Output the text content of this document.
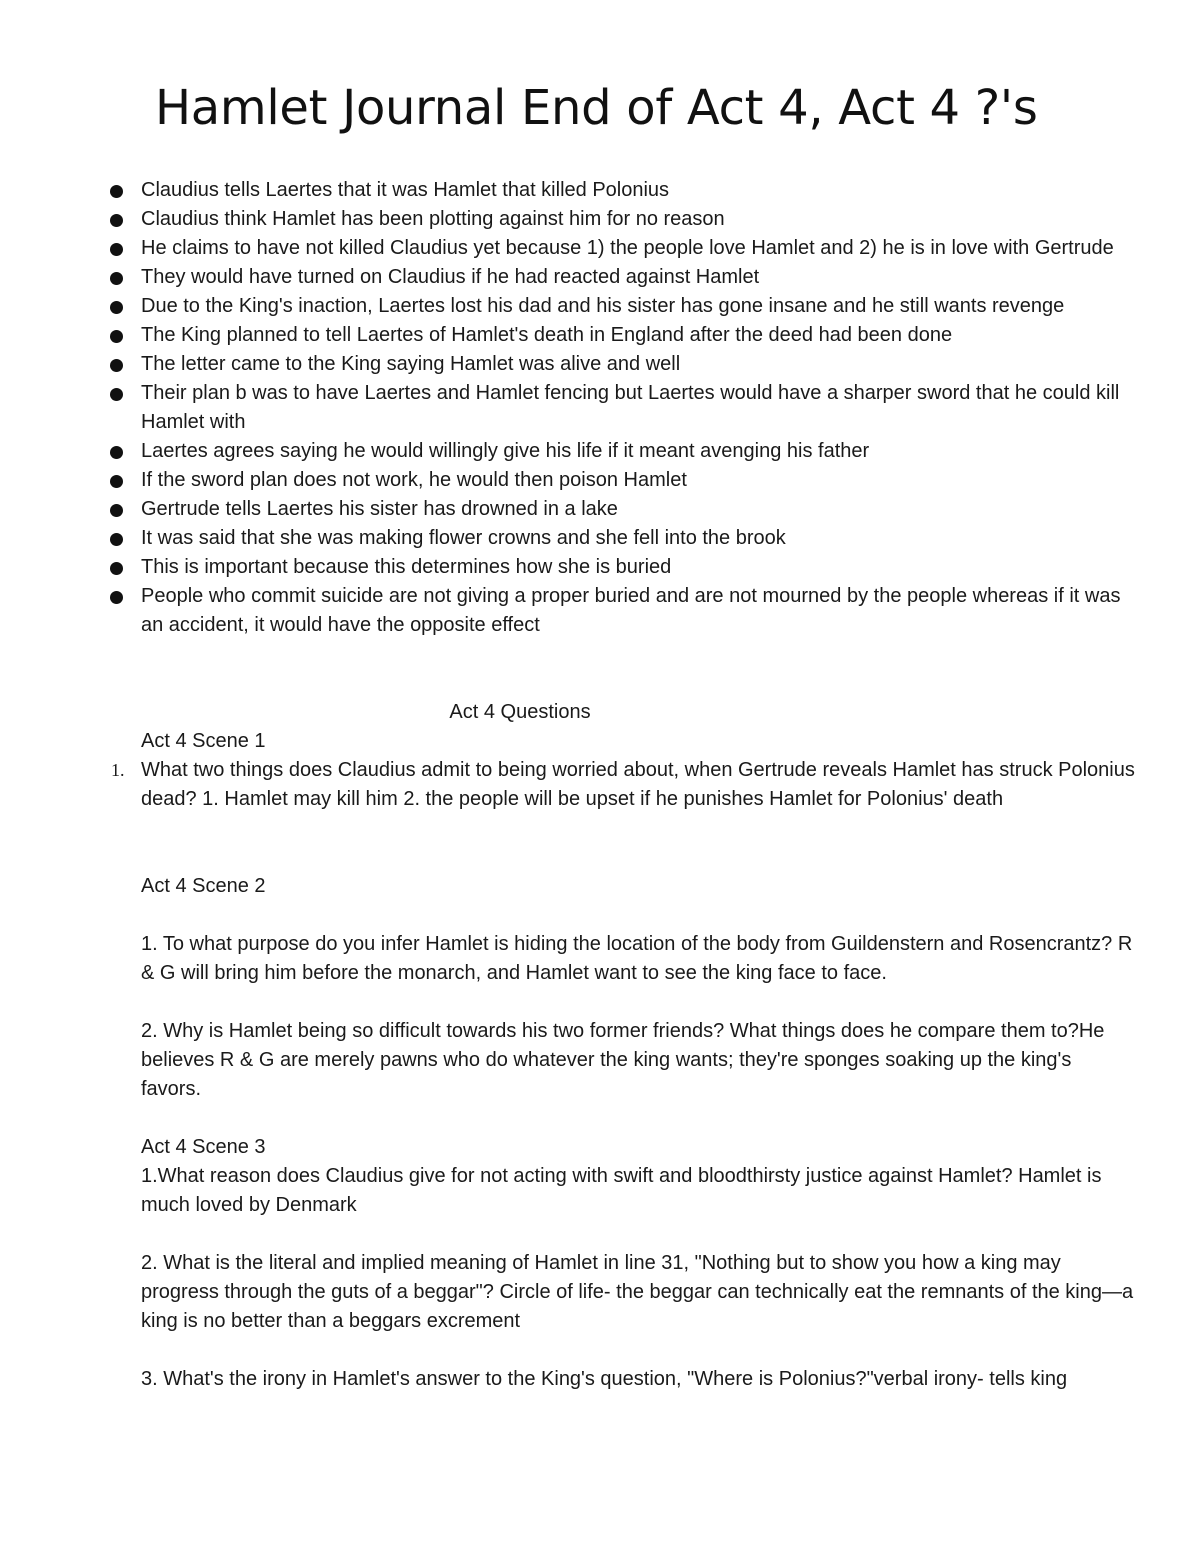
Hamlet Journal End of Act 4, Act 4 ?'s
Claudius tells Laertes that it was Hamlet that killed Polonius
Claudius think Hamlet has been plotting against him for no reason
He claims to have not killed Claudius yet because 1) the people love Hamlet and 2) he is in love with Gertrude
They would have turned on Claudius if he had reacted against Hamlet
Due to the King's inaction, Laertes lost his dad and his sister has gone insane and he still wants revenge
The King planned to tell Laertes of Hamlet's death in England after the deed had been done
The letter came to the King saying Hamlet was alive and well
Their plan b was to have Laertes and Hamlet fencing but Laertes would have a sharper sword that he could kill Hamlet with
Laertes agrees saying he would willingly give his life if it meant avenging his father
If the sword plan does not work, he would then poison Hamlet
Gertrude tells Laertes his sister has drowned in a lake
It was said that she was making flower crowns and she fell into the brook
This is important because this determines how she is buried
People who commit suicide are not giving a proper buried and are not mourned by the people whereas if it was an accident, it would have the opposite effect

Act 4 Questions

Act 4 Scene 1

1. What two things does Claudius admit to being worried about, when Gertrude reveals Hamlet has struck Polonius dead? 1. Hamlet may kill him 2. the people will be upset if he punishes Hamlet for Polonius' death

Act 4 Scene 2

1. To what purpose do you infer Hamlet is hiding the location of the body from Guildenstern and Rosencrantz? R & G will bring him before the monarch, and Hamlet want to see the king face to face.

2. Why is Hamlet being so difficult towards his two former friends? What things does he compare them to?He believes R & G are merely pawns who do whatever the king wants; they're sponges soaking up the king's favors.

Act 4 Scene 3

1.What reason does Claudius give for not acting with swift and bloodthirsty justice against Hamlet? Hamlet is much loved by Denmark

2. What is the literal and implied meaning of Hamlet in line 31, "Nothing but to show you how a king may progress through the guts of a beggar"? Circle of life- the beggar can technically eat the remnants of the king—a king is no better than a beggars excrement

3. What's the irony in Hamlet's answer to the King's question, "Where is Polonius?"verbal irony- tells king
